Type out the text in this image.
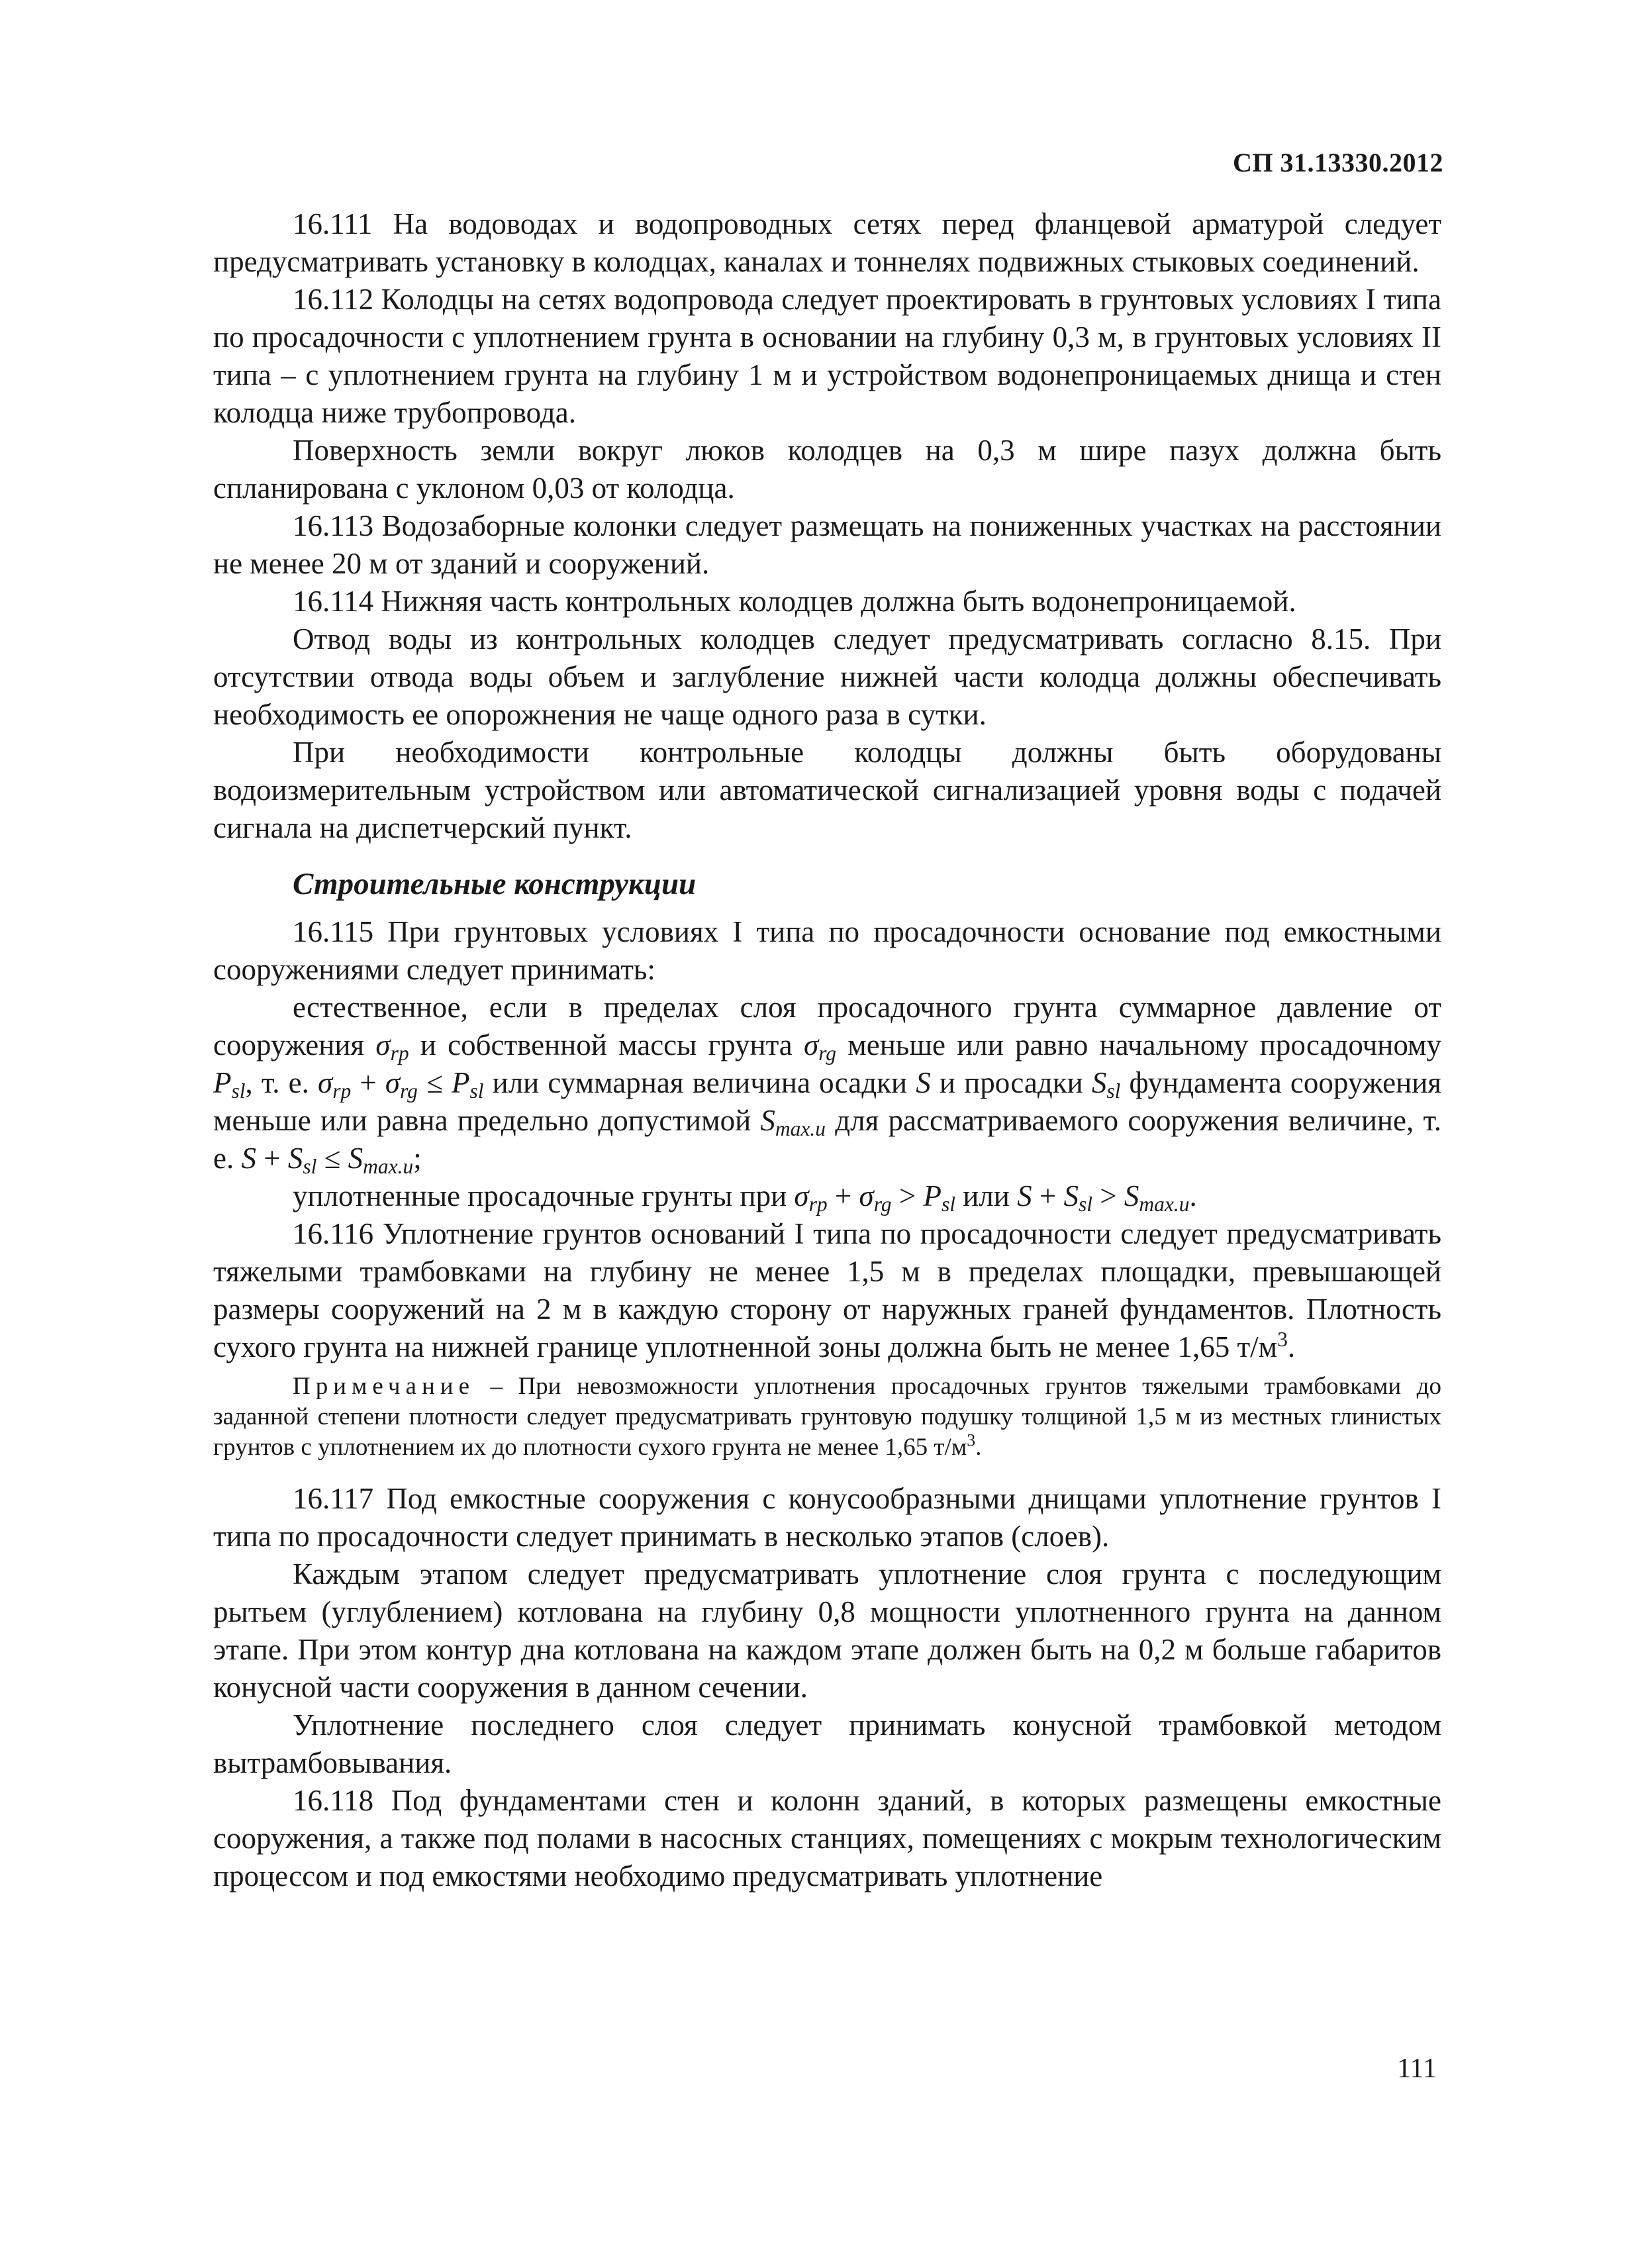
СП 31.13330.2012

16.111 На водоводах и водопроводных сетях перед фланцевой арматурой следует предусматривать установку в колодцах, каналах и тоннелях подвижных стыковых соединений.

16.112 Колодцы на сетях водопровода следует проектировать в грунтовых условиях I типа по просадочности с уплотнением грунта в основании на глубину 0,3 м, в грунтовых условиях II типа – с уплотнением грунта на глубину 1 м и устройством водонепроницаемых днища и стен колодца ниже трубопровода.

Поверхность земли вокруг люков колодцев на 0,3 м шире пазух должна быть спланирована с уклоном 0,03 от колодца.

16.113 Водозаборные колонки следует размещать на пониженных участках на расстоянии не менее 20 м от зданий и сооружений.

16.114 Нижняя часть контрольных колодцев должна быть водонепроницаемой.

Отвод воды из контрольных колодцев следует предусматривать согласно 8.15. При отсутствии отвода воды объем и заглубление нижней части колодца должны обеспечивать необходимость ее опорожнения не чаще одного раза в сутки.

При необходимости контрольные колодцы должны быть оборудованы водоизмерительным устройством или автоматической сигнализацией уровня воды с подачей сигнала на диспетчерский пункт.

Строительные конструкции

16.115 При грунтовых условиях I типа по просадочности основание под емкостными сооружениями следует принимать:

естественное, если в пределах слоя просадочного грунта суммарное давление от сооружения $\sigma_{rp}$ и собственной массы грунта $\sigma_{rg}$ меньше или равно начальному просадочному $P_{sl}$, т. е. $\sigma_{rp} + \sigma_{rg} \le P_{sl}$ или суммарная величина осадки S и просадки $S_{sl}$ фундамента сооружения меньше или равна предельно допустимой $S_{max.u}$ для рассматриваемого сооружения величине, т. е. $S + S_{sl} \le S_{max.u}$;

уплотненные просадочные грунты при $\sigma_{rp} + \sigma_{rg} > P_{sl}$ или $S + S_{sl} > S_{max.u}$.

16.116 Уплотнение грунтов оснований I типа по просадочности следует предусматривать тяжелыми трамбовками на глубину не менее 1,5 м в пределах площадки, превышающей размеры сооружений на 2 м в каждую сторону от наружных граней фундаментов. Плотность сухого грунта на нижней границе уплотненной зоны должна быть не менее 1,65 $т/м^3$.

Примечание – При невозможности уплотнения просадочных грунтов тяжелыми трамбовками до заданной степени плотности следует предусматривать грунтовую подушку толщиной 1,5 м из местных глинистых грунтов с уплотнением их до плотности сухого грунта не менее 1,65 $т/м^3$.

16.117 Под емкостные сооружения с конусообразными днищами уплотнение грунтов I типа по просадочности следует принимать в несколько этапов (слоев).

Каждым этапом следует предусматривать уплотнение слоя грунта с последующим рытьем (углублением) котлована на глубину 0,8 мощности уплотненного грунта на данном этапе. При этом контур дна котлована на каждом этапе должен быть на 0,2 м больше габаритов конусной части сооружения в данном сечении.

Уплотнение последнего слоя следует принимать конусной трамбовкой методом вытрамбовывания.

16.118 Под фундаментами стен и колонн зданий, в которых размещены емкостные сооружения, а также под полами в насосных станциях, помещениях с мокрым технологическим процессом и под емкостями необходимо предусматривать уплотнение

111
